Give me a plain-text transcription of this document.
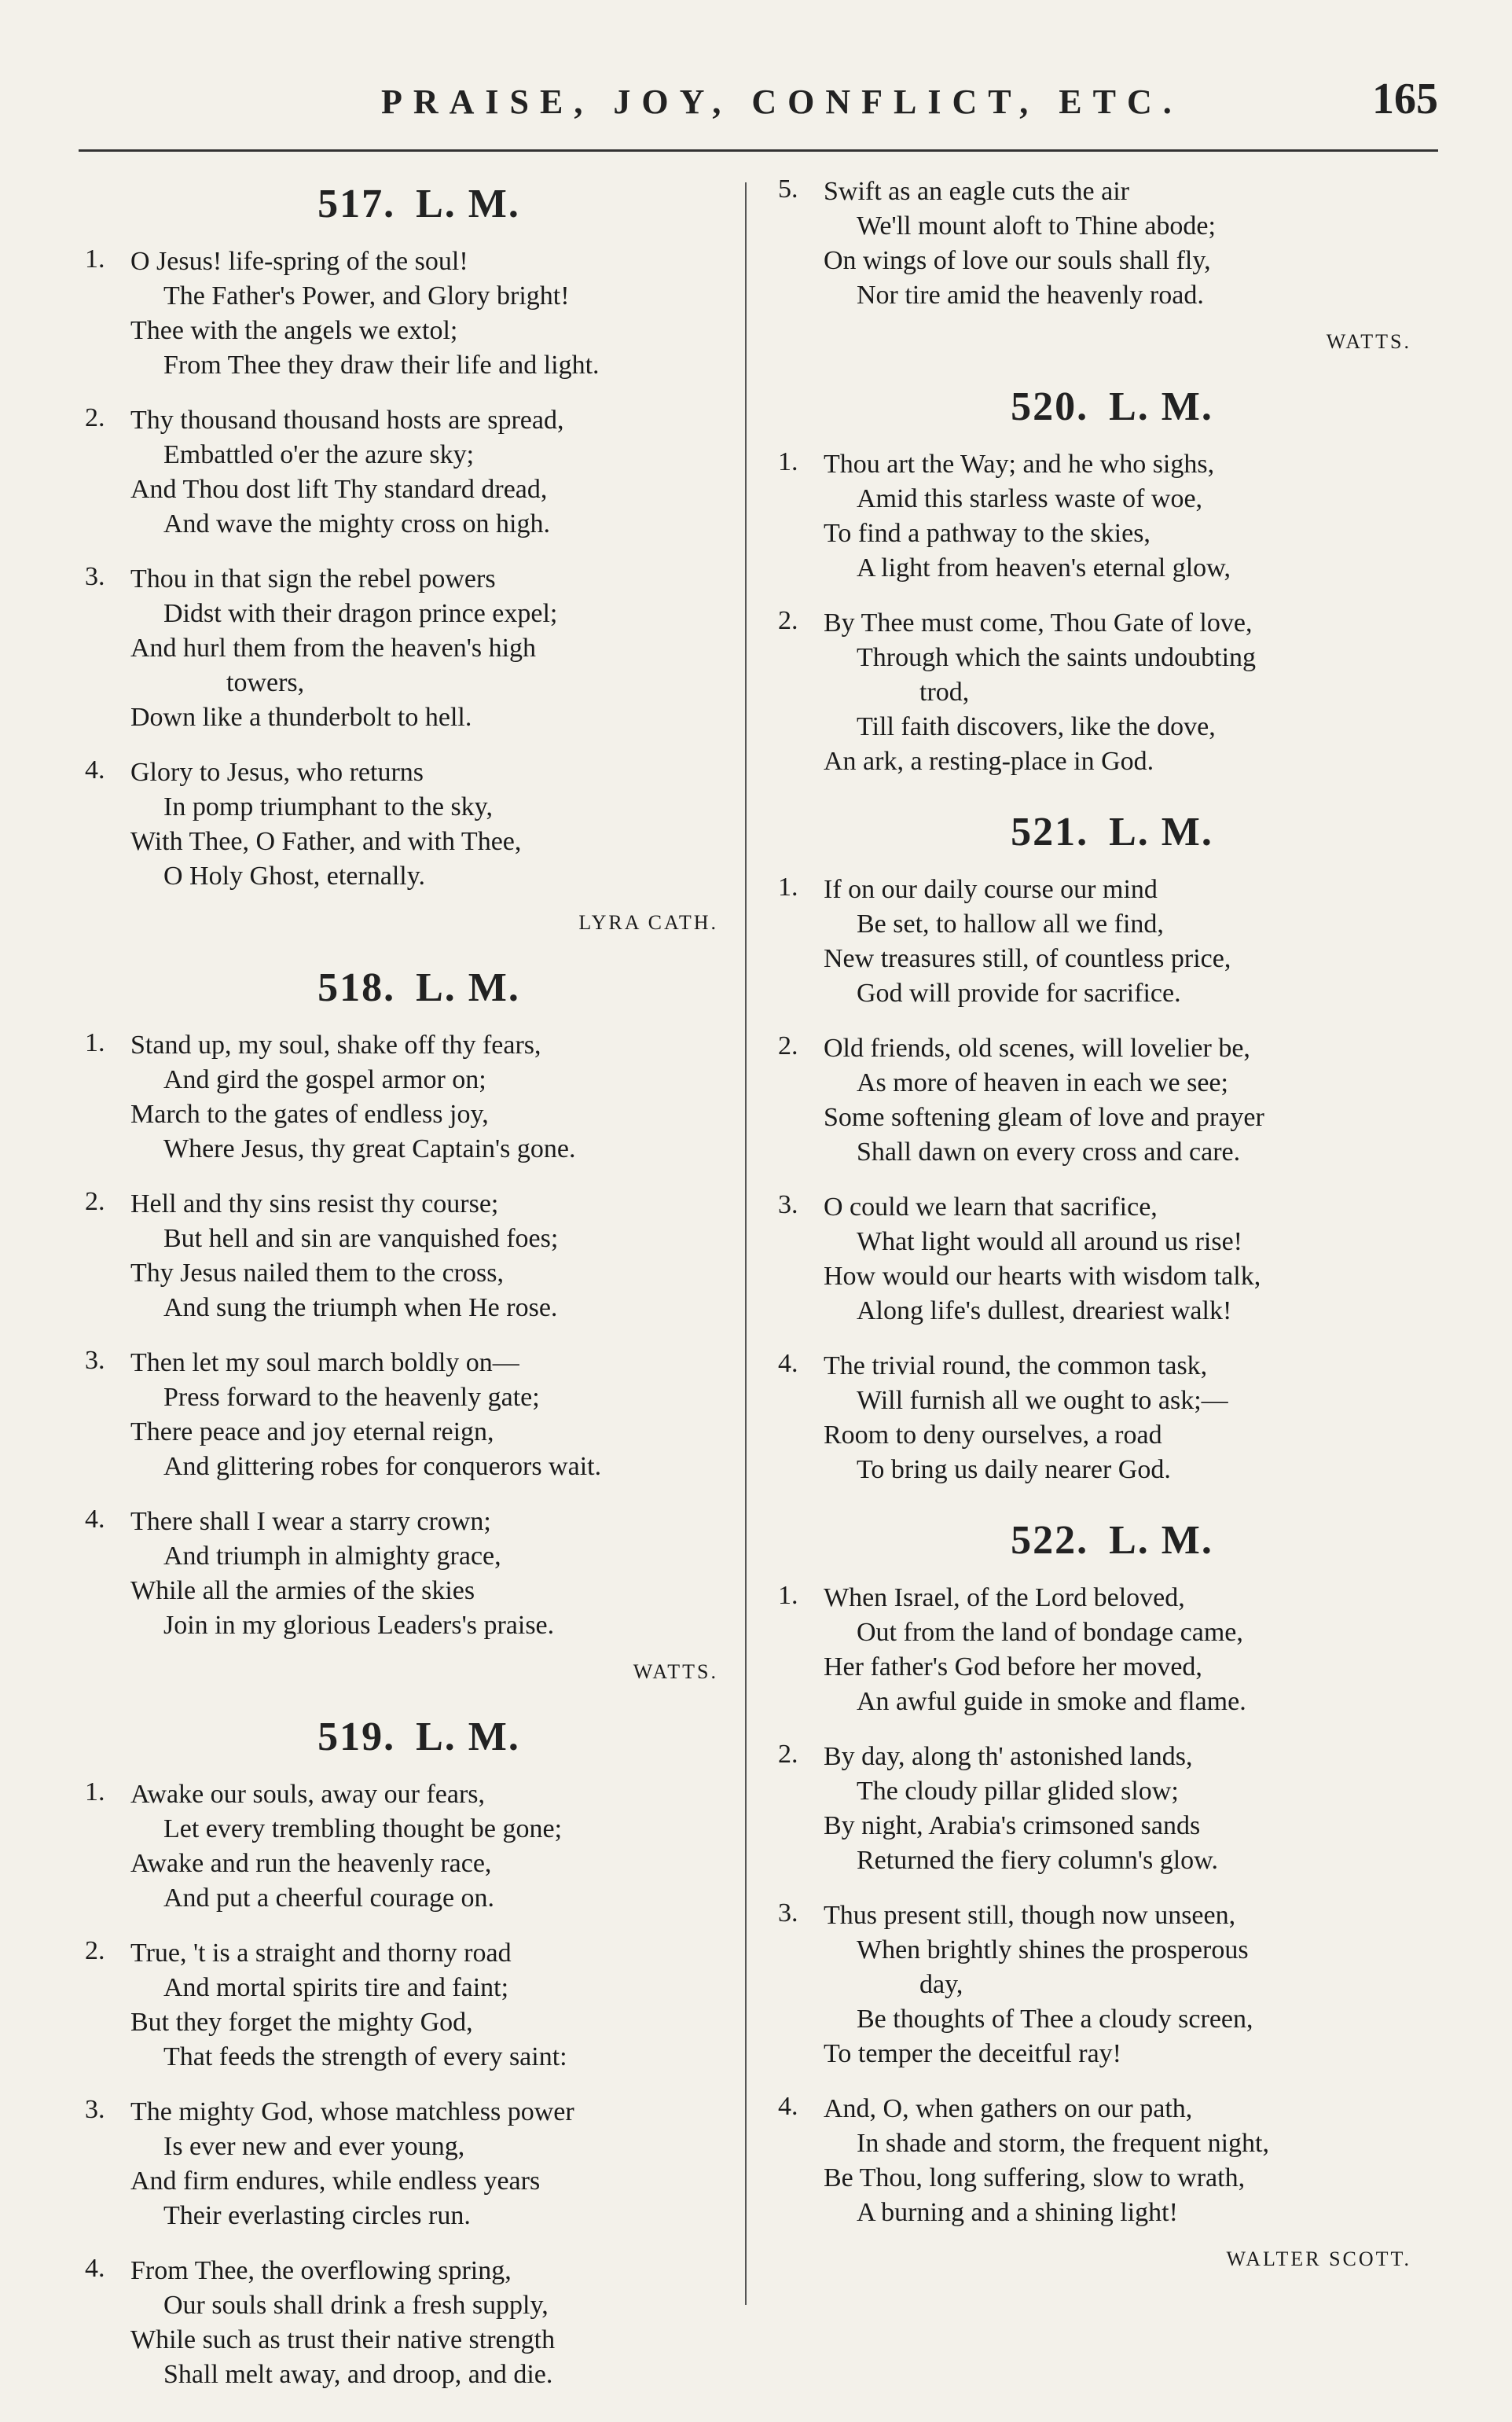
PRAISE, JOY, CONFLICT, ETC.	165
517. L. M.
1. O Jesus! life-spring of the soul!
The Father's Power, and Glory bright!
Thee with the angels we extol;
From Thee they draw their life and light.
2. Thy thousand thousand hosts are spread,
Embattled o'er the azure sky;
And Thou dost lift Thy standard dread,
And wave the mighty cross on high.
3. Thou in that sign the rebel powers
Didst with their dragon prince expel;
And hurl them from the heaven's high
towers,
Down like a thunderbolt to hell.
4. Glory to Jesus, who returns
In pomp triumphant to the sky,
With Thee, O Father, and with Thee,
O Holy Ghost, eternally.
LYRA CATH.
518. L. M.
1. Stand up, my soul, shake off thy fears,
And gird the gospel armor on;
March to the gates of endless joy,
Where Jesus, thy great Captain's gone.
2. Hell and thy sins resist thy course;
But hell and sin are vanquished foes;
Thy Jesus nailed them to the cross,
And sung the triumph when He rose.
3. Then let my soul march boldly on—
Press forward to the heavenly gate;
There peace and joy eternal reign,
And glittering robes for conquerors wait.
4. There shall I wear a starry crown;
And triumph in almighty grace,
While all the armies of the skies
Join in my glorious Leaders's praise.
WATTS.
519. L. M.
1. Awake our souls, away our fears,
Let every trembling thought be gone;
Awake and run the heavenly race,
And put a cheerful courage on.
2. True, 't is a straight and thorny road
And mortal spirits tire and faint;
But they forget the mighty God,
That feeds the strength of every saint:
3. The mighty God, whose matchless power
Is ever new and ever young,
And firm endures, while endless years
Their everlasting circles run.
4. From Thee, the overflowing spring,
Our souls shall drink a fresh supply,
While such as trust their native strength
Shall melt away, and droop, and die.
5. Swift as an eagle cuts the air
We'll mount aloft to Thine abode;
On wings of love our souls shall fly,
Nor tire amid the heavenly road.
WATTS.
520. L. M.
1. Thou art the Way; and he who sighs,
Amid this starless waste of woe,
To find a pathway to the skies,
A light from heaven's eternal glow,
2. By Thee must come, Thou Gate of love,
Through which the saints undoubting
trod,
Till faith discovers, like the dove,
An ark, a resting-place in God.
521. L. M.
1. If on our daily course our mind
Be set, to hallow all we find,
New treasures still, of countless price,
God will provide for sacrifice.
2. Old friends, old scenes, will lovelier be,
As more of heaven in each we see;
Some softening gleam of love and prayer
Shall dawn on every cross and care.
3. O could we learn that sacrifice,
What light would all around us rise!
How would our hearts with wisdom talk,
Along life's dullest, dreariest walk!
4. The trivial round, the common task,
Will furnish all we ought to ask;—
Room to deny ourselves, a road
To bring us daily nearer God.
522. L. M.
1. When Israel, of the Lord beloved,
Out from the land of bondage came,
Her father's God before her moved,
An awful guide in smoke and flame.
2. By day, along th' astonished lands,
The cloudy pillar glided slow;
By night, Arabia's crimsoned sands
Returned the fiery column's glow.
3. Thus present still, though now unseen,
When brightly shines the prosperous
day,
Be thoughts of Thee a cloudy screen,
To temper the deceitful ray!
4. And, O, when gathers on our path,
In shade and storm, the frequent night,
Be Thou, long suffering, slow to wrath,
A burning and a shining light!
WALTER SCOTT.
